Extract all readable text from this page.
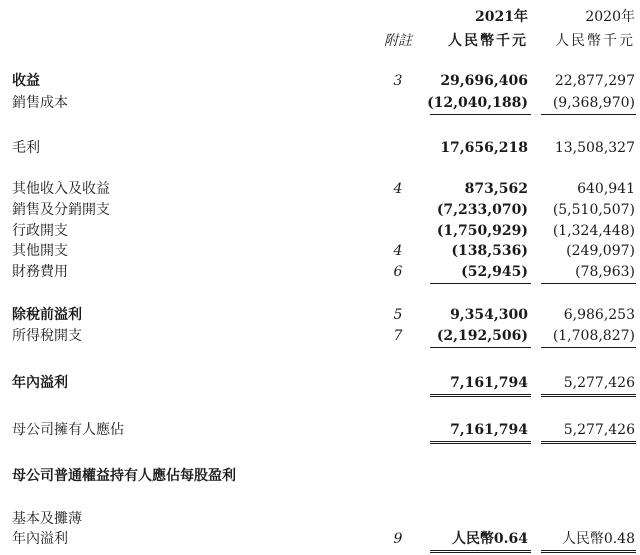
2021年	2020年
附註	人民幣千元 人民幣千元
收益	3	29,696,406 22,877,297
銷售成本	(12,040,188) (9,368,970)
毛利	17,656,218 13,508,327
其他收入及收益	4	873,562	640,941
銷售及分銷開支	(7,233,070) (5,510,507)
行政開支	(1,750,929) (1,324,448)
其他開支	4	(138,536)	(249,097)
財務費用	6	(52,945)	(78,963)
除稅前溢利	5	9,354,300	6,986,253
所得稅開支	7	(2,192,506) (1,708,827)
年內溢利	7,161,794	5,277,426
母公司擁有人應佔	7,161,794	5,277,426
母公司普通權益持有人應佔每股盈利
基本及攤薄
年內溢利	9	人民幣0.64 人民幣0.48
